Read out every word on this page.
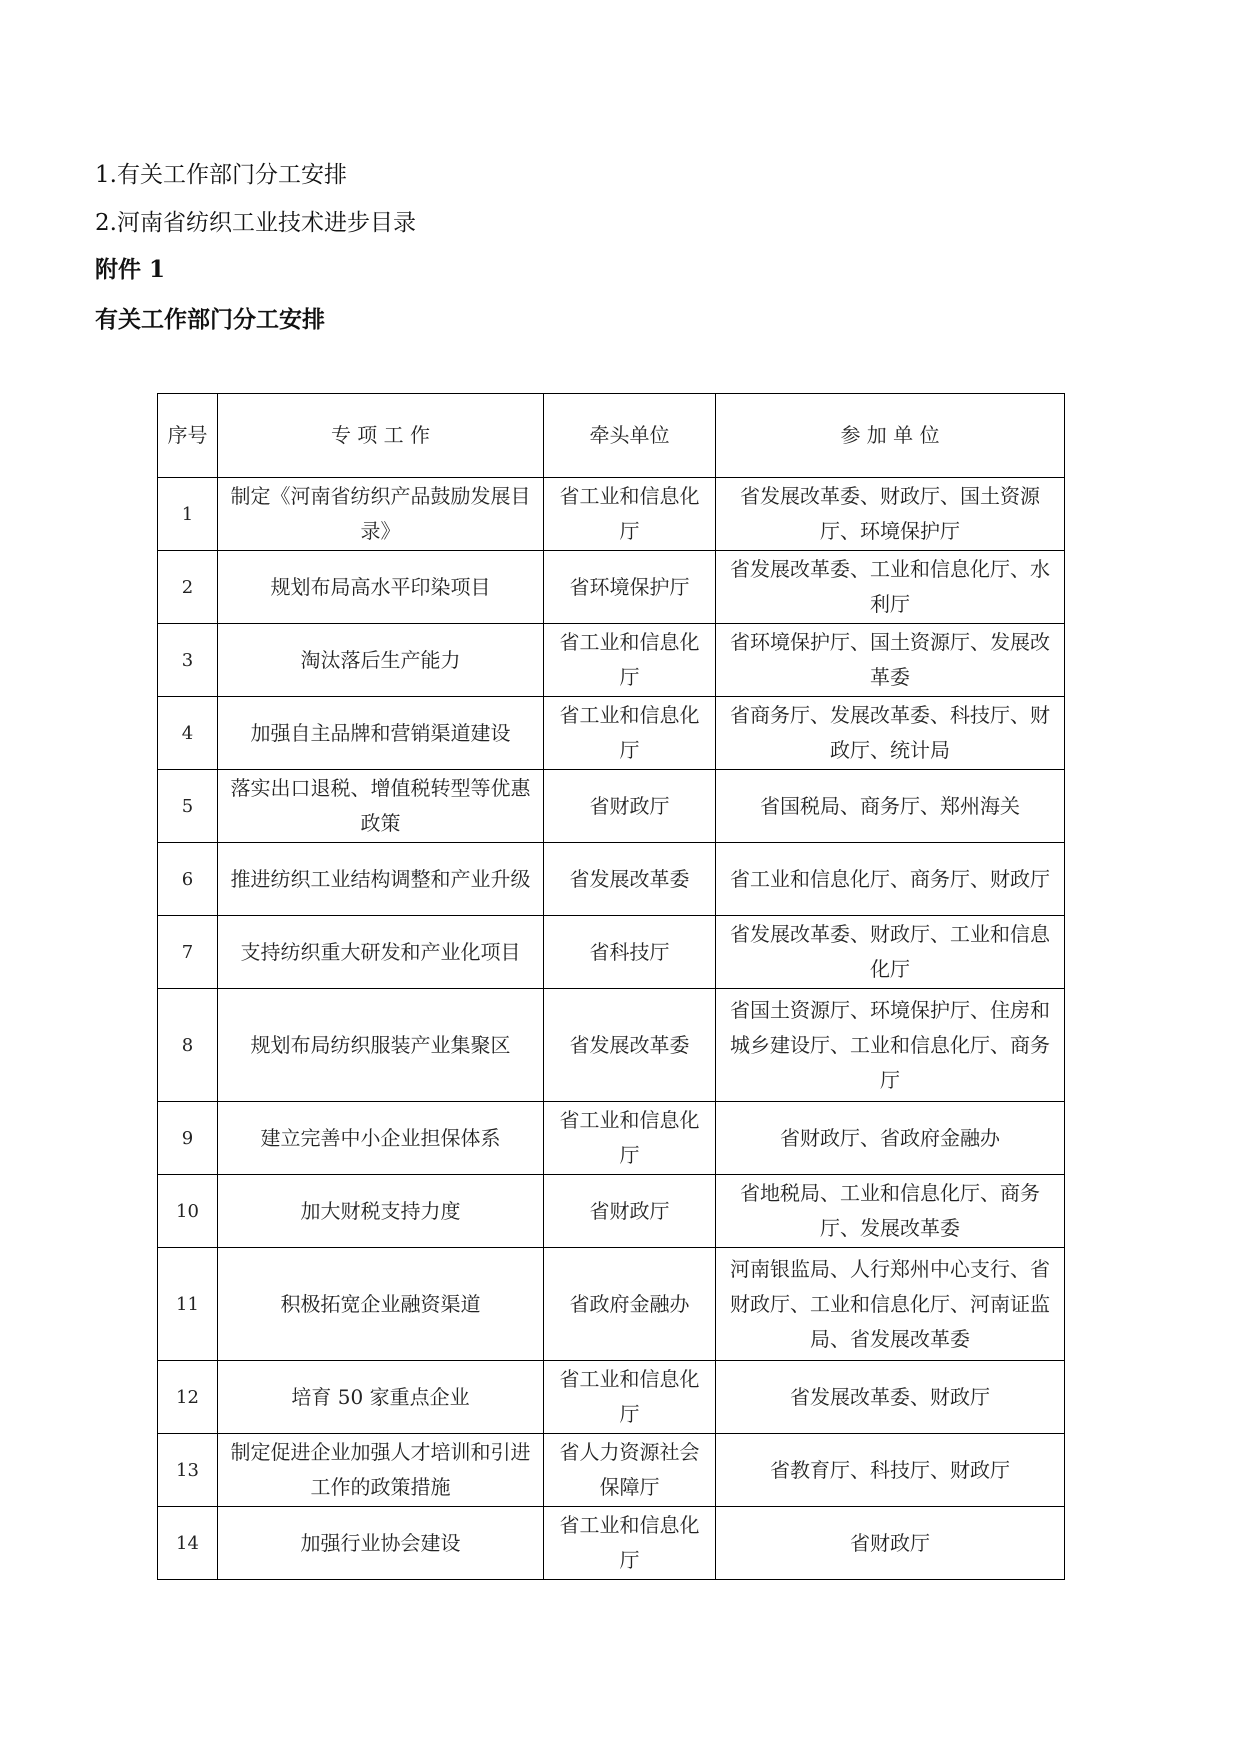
1.有关工作部门分工安排
2.河南省纺织工业技术进步目录
附件 1
有关工作部门分工安排
序号	专 项 工 作	牵头单位	参 加 单 位
1	制定《河南省纺织产品鼓励发展目录》	省工业和信息化厅	省发展改革委、财政厅、国土资源厅、环境保护厅
2	规划布局高水平印染项目	省环境保护厅	省发展改革委、工业和信息化厅、水利厅
3	淘汰落后生产能力	省工业和信息化厅	省环境保护厅、国土资源厅、发展改革委
4	加强自主品牌和营销渠道建设	省工业和信息化厅	省商务厅、发展改革委、科技厅、财政厅、统计局
5	落实出口退税、增值税转型等优惠政策	省财政厅	省国税局、商务厅、郑州海关
6	推进纺织工业结构调整和产业升级	省发展改革委	省工业和信息化厅、商务厅、财政厅
7	支持纺织重大研发和产业化项目	省科技厅	省发展改革委、财政厅、工业和信息化厅
8	规划布局纺织服装产业集聚区	省发展改革委	省国土资源厅、环境保护厅、住房和城乡建设厅、工业和信息化厅、商务厅
9	建立完善中小企业担保体系	省工业和信息化厅	省财政厅、省政府金融办
10	加大财税支持力度	省财政厅	省地税局、工业和信息化厅、商务厅、发展改革委
11	积极拓宽企业融资渠道	省政府金融办	河南银监局、人行郑州中心支行、省财政厅、工业和信息化厅、河南证监局、省发展改革委
12	培育 50 家重点企业	省工业和信息化厅	省发展改革委、财政厅
13	制定促进企业加强人才培训和引进工作的政策措施	省人力资源社会保障厅	省教育厅、科技厅、财政厅
14	加强行业协会建设	省工业和信息化厅	省财政厅
